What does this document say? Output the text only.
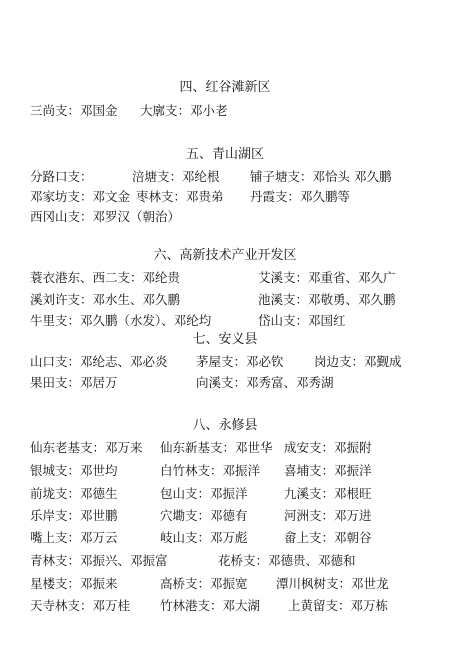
四、红谷滩新区
三尚支：邓国金 大廓支：邓小老
五、青山湖区
分路口支：	涪塘支：邓纶根 铺子塘支：邓恰头 邓久鹏
邓家坊支：邓文金 枣林支：邓贵弟 丹霞支：邓久鹏等
西冈山支：邓罗汉（朝治）
六、高新技术产业开发区
蓑衣港东、西二支：邓纶贵	艾溪支：邓重省、邓久广
溪刘许支：邓水生、邓久鹏	池溪支：邓敬勇、邓久鹏
牛里支：邓久鹏（水发）、邓纶均	岱山支：邓国红
七、安义县
山口支：邓纶志、邓必炎 茅屋支：邓必钦 岗边支：邓觐成
果田支：邓居万	向溪支：邓秀富、邓秀湖
八、永修县
仙东老基支：邓万来 仙东新基支：邓世华 成安支：邓振附
银城支：邓世均	白竹林支：邓振洋 喜埔支：邓振洋
前垅支：邓德生	包山支：邓振洋	九溪支：邓根旺
乐岸支：邓世鹏	穴墈支：邓德有	河洲支：邓万进
嘴上支：邓万云	岐山支：邓万彪	畲上支：邓朝谷
青林支：邓振兴、邓振富	花桥支：邓德贵、邓德和
星楼支：邓振来	高桥支：邓振宽 潭川枫树支：邓世龙
天寺林支：邓万桂 竹林港支：邓大湖 上黄留支：邓万栋
